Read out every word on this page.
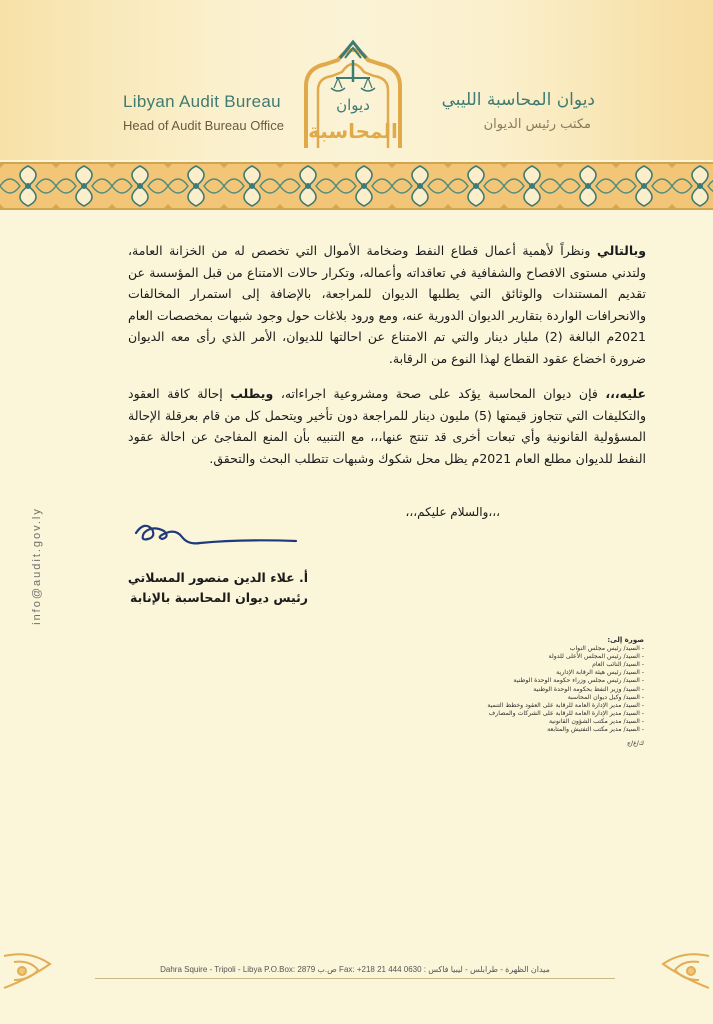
Libyan Audit Bureau
Head of Audit Bureau Office
ديوان المحاسبة الليبي
مكتب رئيس الديوان
ديوان
المحاسبة
info@audit.gov.ly

وبالتالي ونظراً لأهمية أعمال قطاع النفط وضخامة الأموال التي تخصص له من الخزانة العامة، ولتدني مستوى الافصاح والشفافية في تعاقداته وأعماله، وتكرار حالات الامتناع من قبل المؤسسة عن تقديم المستندات والوثائق التي يطلبها الديوان للمراجعة، بالإضافة إلى استمرار المخالفات والانحرافات الواردة بتقارير الديوان الدورية عنه، ومع ورود بلاغات حول وجود شبهات بمخصصات العام 2021م البالغة (2) مليار دينار والتي تم الامتناع عن احالتها للديوان، الأمر الذي رأى معه الديوان ضرورة اخضاع عقود القطاع لهذا النوع من الرقابة.

عليه،،، فإن ديوان المحاسبة يؤكد على صحة ومشروعية اجراءاته، ويطلب إحالة كافة العقود والتكليفات التي تتجاوز قيمتها (5) مليون دينار للمراجعة دون تأخير ويتحمل كل من قام بعرقلة الإحالة المسؤولية القانونية وأي تبعات أخرى قد تنتج عنها،،، مع التنبيه بأن المنع المفاجئ عن احالة عقود النفط للديوان مطلع العام 2021م يظل محل شكوك وشبهات تتطلب البحث والتحقق.

،،،والسلام عليكم،،،
أ. علاء الدين منصور المسلاتي
رئيس ديوان المحاسبة بالإنابة
صورة إلى:
- السيد/ رئيس مجلس النواب
- السيد/ رئيس المجلس الأعلى للدولة
- السيد/ النائب العام
- السيد/ رئيس هيئة الرقابة الإدارية
- السيد/ رئيس مجلس وزراء حكومة الوحدة الوطنية
- السيد/ وزير النفط بحكومة الوحدة الوطنية
- السيد/ وكيل ديوان المحاسبة
- السيد/ مدير الإدارة العامة للرقابة على العقود وخطط التنمية
- السيد/ مدير الإدارة العامة للرقابة على الشركات والمصارف
- السيد/ مدير مكتب الشؤون القانونية
- السيد/ مدير مكتب التفتيش والمتابعة
ك/ع/ج
Dahra Squire - Tripoli - Libya P.O.Box: 2879 ص.ب Fax: +218 21 444 0630 : ميدان الظهرة - طرابلس - ليبيا فاكس
